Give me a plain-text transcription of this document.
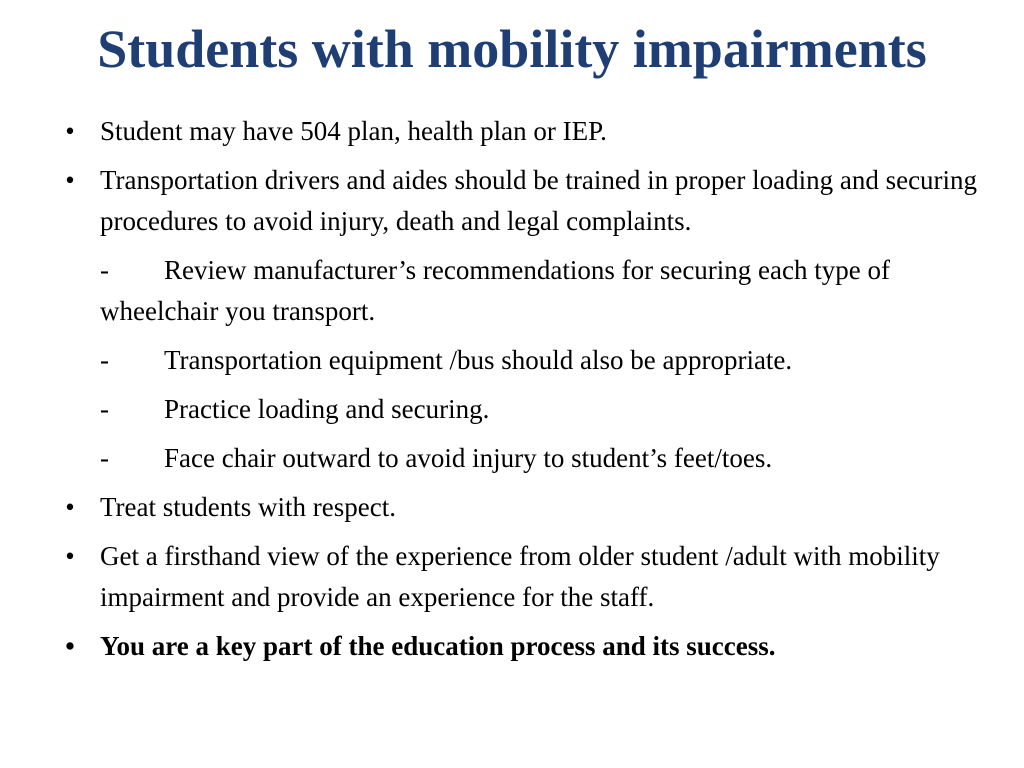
Students with mobility impairments
• Student may have 504 plan, health plan or IEP.
• Transportation drivers and aides should be trained in proper loading and securing procedures to avoid injury, death and legal complaints.
- Review manufacturer’s recommendations for securing each type of wheelchair you transport.
- Transportation equipment /bus should also be appropriate.
- Practice loading and securing.
- Face chair outward to avoid injury to student’s feet/toes.
• Treat students with respect.
• Get a firsthand view of the experience from older student /adult with mobility impairment and provide an experience for the staff.
• You are a key part of the education process and its success.
